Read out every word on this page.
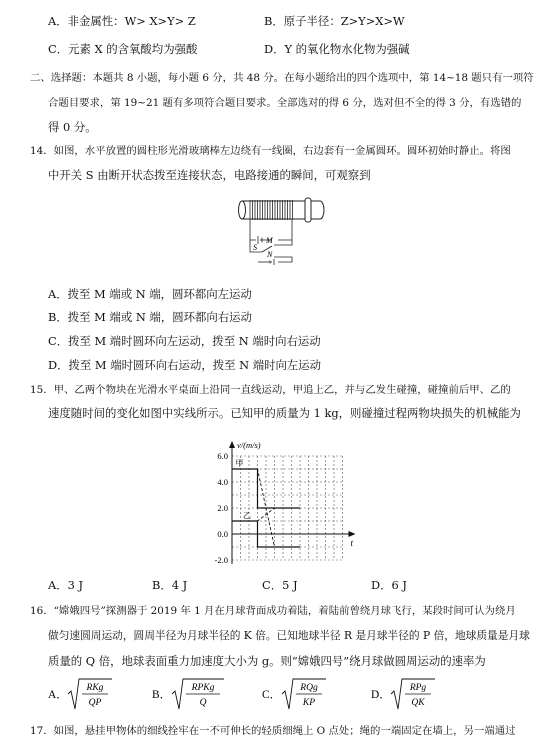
A．非金属性：W> X>Y> Z	B．原子半径：Z>Y>X>W
C．元素 X 的含氧酸均为强酸	D．Y 的氧化物水化物为强碱
二、选择题：本题共 8 小题，每小题 6 分，共 48 分。在每小题给出的四个选项中，第 14~18 题只有一项符
合题目要求，第 19~21 题有多项符合题目要求。全部选对的得 6 分，选对但不全的得 3 分，有选错的
得 0 分。
14．如图，水平放置的圆柱形光滑玻璃棒左边绕有一线圈，右边套有一金属圆环。圆环初始时静止。将图
中开关 S 由断开状态拨至连接状态，电路接通的瞬间，可观察到
S
M
N
A．拨至 M 端或 N 端，圆环都向左运动
B．拨至 M 端或 N 端，圆环都向右运动
C．拨至 M 端时圆环向左运动，拨至 N 端时向右运动
D．拨至 M 端时圆环向右运动，拨至 N 端时向左运动
15．甲、乙两个物块在光滑水平桌面上沿同一直线运动，甲追上乙，并与乙发生碰撞，碰撞前后甲、乙的
速度随时间的变化如图中实线所示。已知甲的质量为 1 kg，则碰撞过程两物块损失的机械能为
v/(m/s)
t
6.0
4.0
2.0
0.0
-2.0
甲
乙
A．3 J	B．4 J	C．5 J	D．6 J
16．“嫦娥四号”探测器于 2019 年 1 月在月球背面成功着陆，着陆前曾绕月球飞行，某段时间可认为绕月
做匀速圆周运动，圆周半径为月球半径的 K 倍。已知地球半径 R 是月球半径的 P 倍，地球质量是月球
质量的 Q 倍，地球表面重力加速度大小为 g。则“嫦娥四号”绕月球做圆周运动的速率为
A．
RKg
QP
B．
RPKg
Q
C．
RQg
KP
D．
RPg
QK
17．如图，悬挂甲物体的细线拴牢在一不可伸长的轻质细绳上 O 点处；绳的一端固定在墙上，另一端通过
